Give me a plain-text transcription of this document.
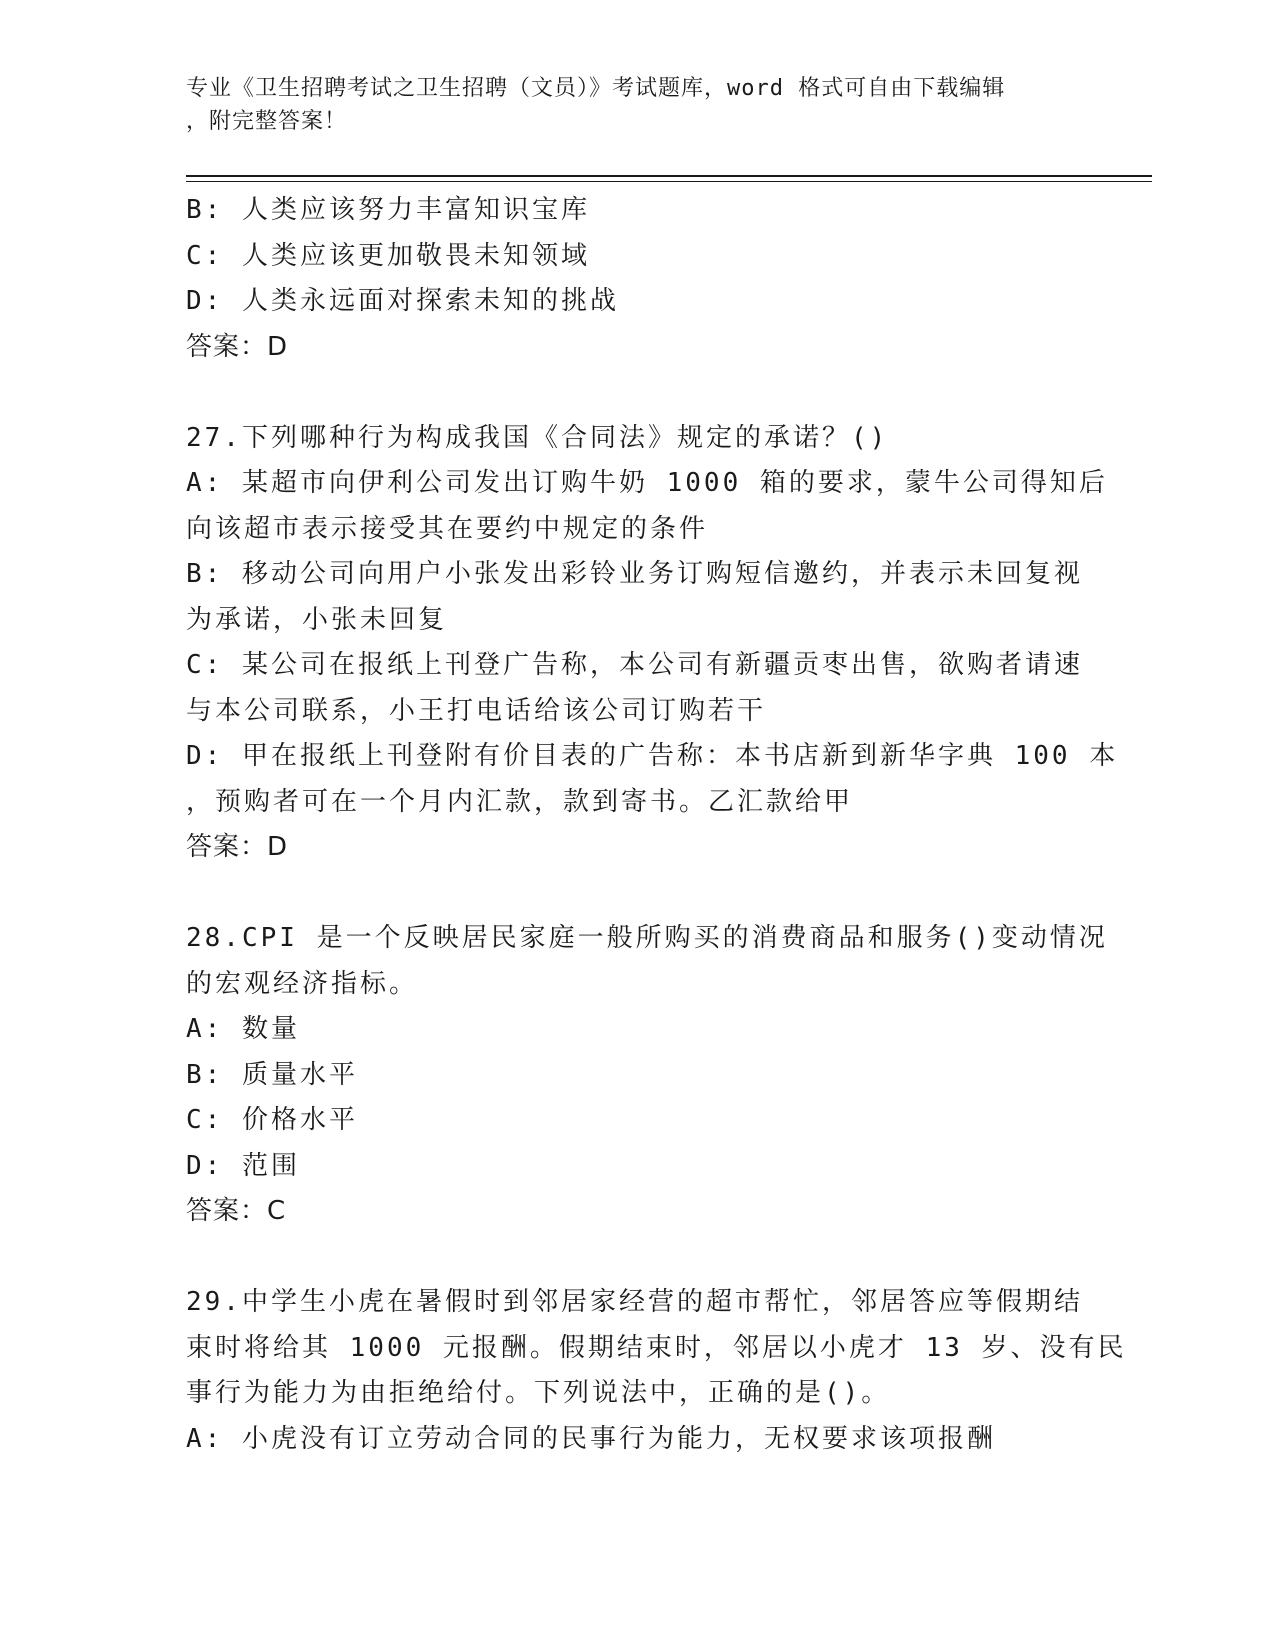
专业《卫生招聘考试之卫生招聘（文员）》考试题库，word 格式可自由下载编辑
，附完整答案！
B: 人类应该努力丰富知识宝库
C: 人类应该更加敬畏未知领域
D: 人类永远面对探索未知的挑战
答案：D
27.下列哪种行为构成我国《合同法》规定的承诺？()
A: 某超市向伊利公司发出订购牛奶 1000 箱的要求，蒙牛公司得知后
向该超市表示接受其在要约中规定的条件
B: 移动公司向用户小张发出彩铃业务订购短信邀约，并表示未回复视
为承诺，小张未回复
C: 某公司在报纸上刊登广告称，本公司有新疆贡枣出售，欲购者请速
与本公司联系，小王打电话给该公司订购若干
D: 甲在报纸上刊登附有价目表的广告称：本书店新到新华字典 100 本
，预购者可在一个月内汇款，款到寄书。乙汇款给甲
答案：D
28.CPI 是一个反映居民家庭一般所购买的消费商品和服务()变动情况
的宏观经济指标。
A: 数量
B: 质量水平
C: 价格水平
D: 范围
答案：C
29.中学生小虎在暑假时到邻居家经营的超市帮忙，邻居答应等假期结
束时将给其 1000 元报酬。假期结束时，邻居以小虎才 13 岁、没有民
事行为能力为由拒绝给付。下列说法中，正确的是()。
A: 小虎没有订立劳动合同的民事行为能力，无权要求该项报酬
